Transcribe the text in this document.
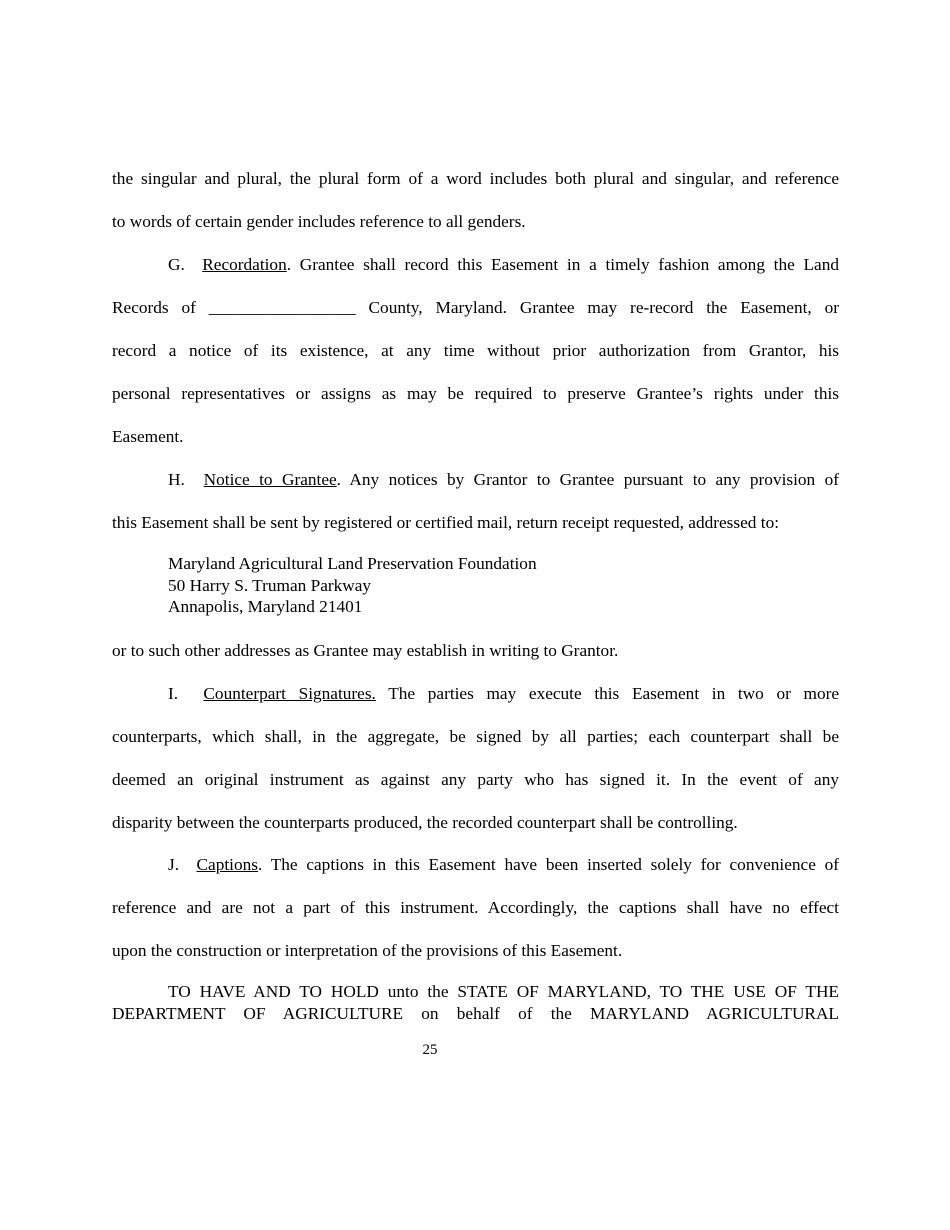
the singular and plural, the plural form of a word includes both plural and singular, and reference
to words of certain gender includes reference to all genders.
G. Recordation. Grantee shall record this Easement in a timely fashion among the Land
Records of _________________ County, Maryland. Grantee may re-record the Easement, or
record a notice of its existence, at any time without prior authorization from Grantor, his
personal representatives or assigns as may be required to preserve Grantee’s rights under this
Easement.
H. Notice to Grantee. Any notices by Grantor to Grantee pursuant to any provision of
this Easement shall be sent by registered or certified mail, return receipt requested, addressed to:
Maryland Agricultural Land Preservation Foundation
50 Harry S. Truman Parkway
Annapolis, Maryland 21401
or to such other addresses as Grantee may establish in writing to Grantor.
I. Counterpart Signatures. The parties may execute this Easement in two or more
counterparts, which shall, in the aggregate, be signed by all parties; each counterpart shall be
deemed an original instrument as against any party who has signed it. In the event of any
disparity between the counterparts produced, the recorded counterpart shall be controlling.
J. Captions. The captions in this Easement have been inserted solely for convenience of
reference and are not a part of this instrument. Accordingly, the captions shall have no effect
upon the construction or interpretation of the provisions of this Easement.
TO HAVE AND TO HOLD unto the STATE OF MARYLAND, TO THE USE OF THE
DEPARTMENT OF AGRICULTURE on behalf of the MARYLAND AGRICULTURAL
25
